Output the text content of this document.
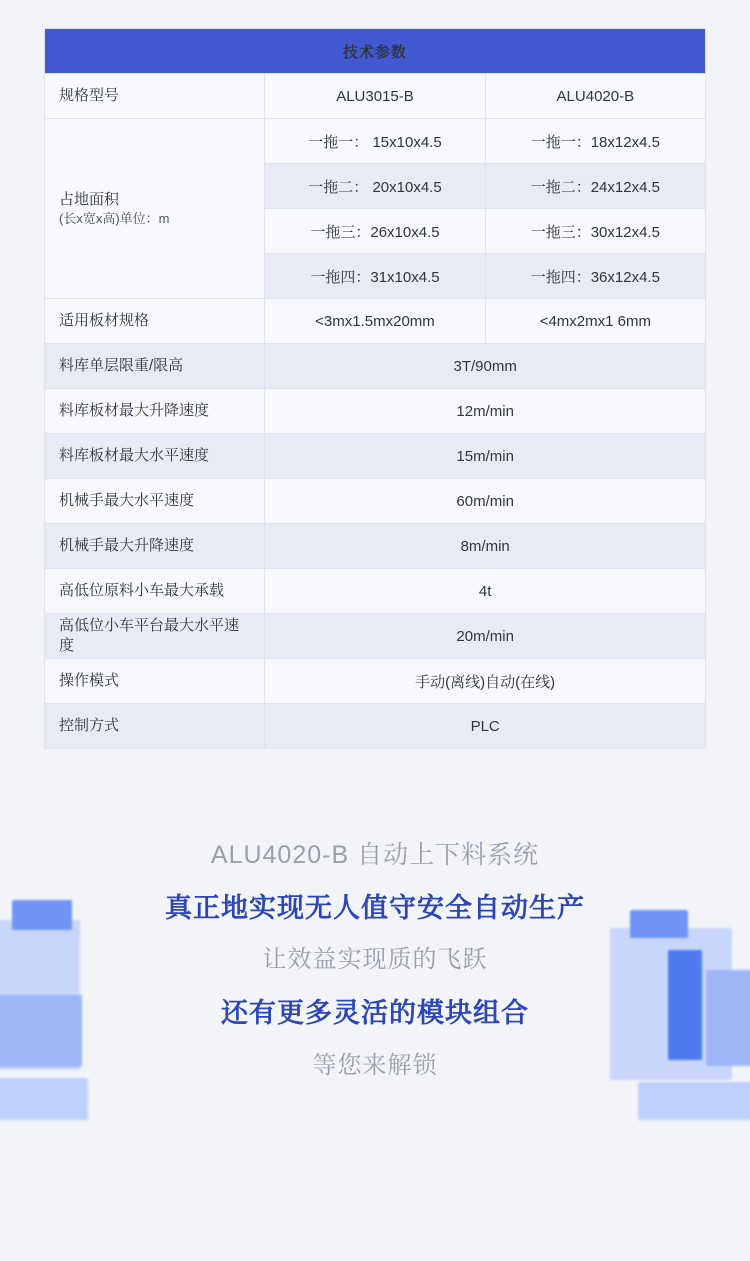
技术参数		
规格型号	ALU3015-B	ALU4020-B

占地面积
(长x宽x高)单位：m	一拖一： 15x10x4.5	一拖一：18x12x4.5
	一拖二： 20x10x4.5	一拖二：24x12x4.5
	一拖三：26x10x4.5	一拖三：30x12x4.5
	一拖四：31x10x4.5	一拖四：36x12x4.5
适用板材规格	<3mx1.5mx20mm	<4mx2mx1 6mm
料库单层限重/限高	3T/90mm	
料库板材最大升降速度	12m/min	
料库板材最大水平速度	15m/min	
机械手最大水平速度	60m/min	
机械手最大升降速度	8m/min	
高低位原料小车最大承载	4t	
高低位小车平台最大水平速度	20m/min	
操作模式	手动(离线)自动(在线)	
控制方式	PLC	

ALU4020-B 自动上下料系统

真正地实现无人值守安全自动生产

让效益实现质的飞跃

还有更多灵活的模块组合

等您来解锁
